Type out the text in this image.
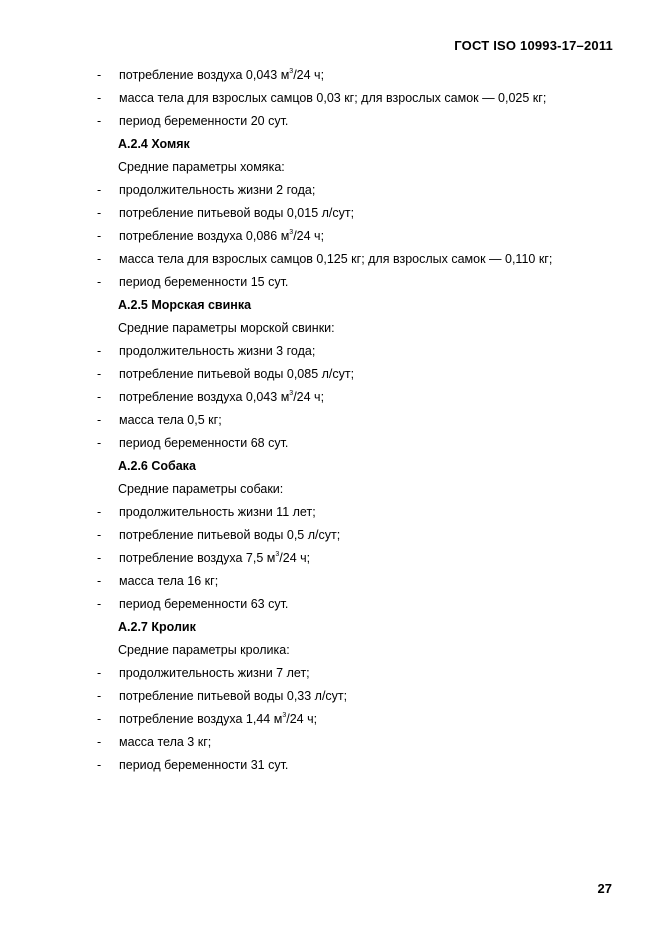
ГОСТ ISO 10993-17–2011
- потребление воздуха 0,043 $м^3/24$ ч;
- масса тела для взрослых самцов 0,03 кг; для взрослых самок — 0,025 кг;
- период беременности 20 сут.
А.2.4 Хомяк
Средние параметры хомяка:
- продолжительность жизни 2 года;
- потребление питьевой воды 0,015 л/сут;
- потребление воздуха 0,086 $м^3/24$ ч;
- масса тела для взрослых самцов 0,125 кг; для взрослых самок — 0,110 кг;
- период беременности 15 сут.
А.2.5 Морская свинка
Средние параметры морской свинки:
- продолжительность жизни 3 года;
- потребление питьевой воды 0,085 л/сут;
- потребление воздуха 0,043 $м^3/24$ ч;
- масса тела 0,5 кг;
- период беременности 68 сут.
А.2.6 Собака
Средние параметры собаки:
- продолжительность жизни 11 лет;
- потребление питьевой воды 0,5 л/сут;
- потребление воздуха 7,5 $м^3/24$ ч;
- масса тела 16 кг;
- период беременности 63 сут.
А.2.7 Кролик
Средние параметры кролика:
- продолжительность жизни 7 лет;
- потребление питьевой воды 0,33 л/сут;
- потребление воздуха 1,44 $м^3/24$ ч;
- масса тела 3 кг;
- период беременности 31 сут.
27
